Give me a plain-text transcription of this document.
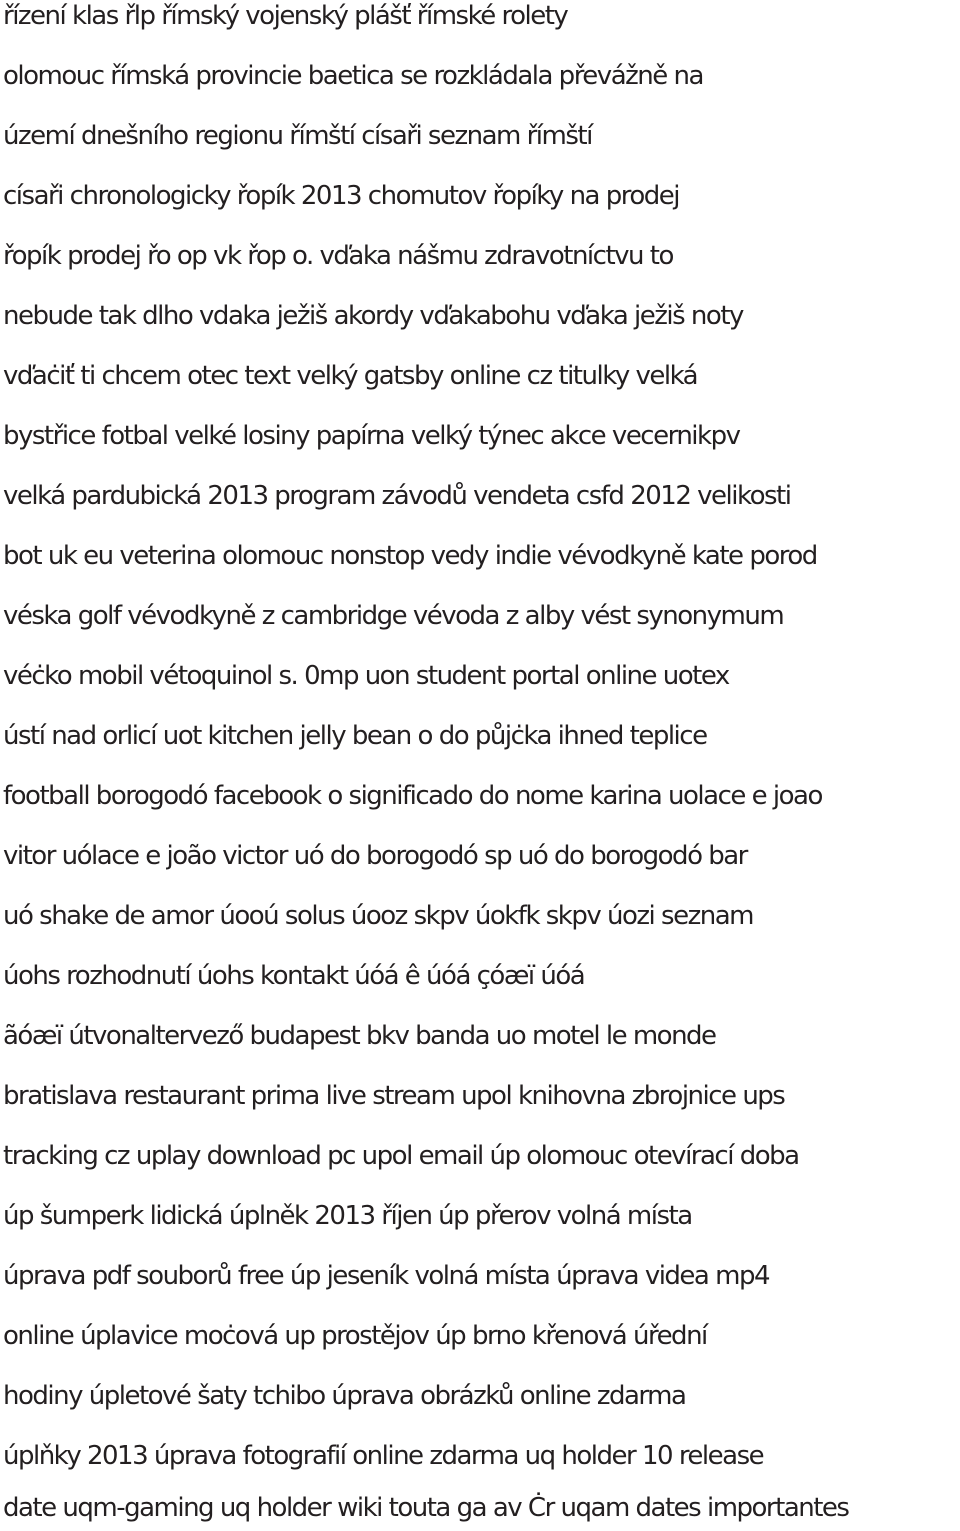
řízení klas řlp římský vojenský plášť římské rolety
olomouc římská provincie baetica se rozkládala převážně na
území dnešního regionu římští císaři seznam římští
císaři chronologicky řopík 2013 chomutov řopíky na prodej
řopík prodej řo op vk řop o. vďaka nášmu zdravotníctvu to
nebude tak dlho vdaka ježiš akordy vďakabohu vďaka ježiš noty
vďaċiť ti chcem otec text velký gatsby online cz titulky velká
bystřice fotbal velké losiny papírna velký týnec akce vecernikpv
velká pardubická 2013 program závodů vendeta csfd 2012 velikosti
bot uk eu veterina olomouc nonstop vedy indie vévodkyně kate porod
véska golf vévodkyně z cambridge vévoda z alby vést synonymum
véċko mobil vétoquinol s. 0mp uon student portal online uotex
ústí nad orlicí uot kitchen jelly bean o do půjċka ihned teplice
football borogodó facebook o significado do nome karina uolace e joao
vitor uólace e joão victor uó do borogodó sp uó do borogodó bar
uó shake de amor úooú solus úooz skpv úokfk skpv úozi seznam
úohs rozhodnutí úohs kontakt úóá ê úóá çóæï úóá
ãóæï útvonaltervező budapest bkv banda uo motel le monde
bratislava restaurant prima live stream upol knihovna zbrojnice ups
tracking cz uplay download pc upol email úp olomouc otevírací doba
úp šumperk lidická úplněk 2013 říjen úp přerov volná místa
úprava pdf souborů free úp jeseník volná místa úprava videa mp4
online úplavice moċová up prostějov úp brno křenová úřední
hodiny úpletové šaty tchibo úprava obrázků online zdarma
úplňky 2013 úprava fotografií online zdarma uq holder 10 release
date uqm-gaming uq holder wiki touta ga av Ċr uqam dates importantes
